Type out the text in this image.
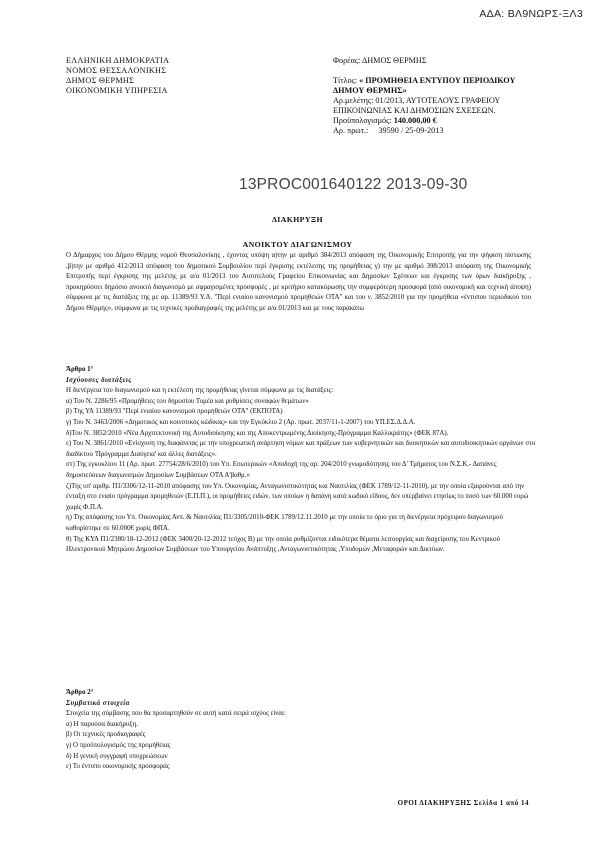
ΑΔΑ: ΒΛ9ΝΩΡΣ-ΞΛ3
ΕΛΛΗΝΙΚΗ ΔΗΜΟΚΡΑΤΙΑ
ΝΟΜΟΣ ΘΕΣΣΑΛΟΝΙΚΗΣ
ΔΗΜΟΣ ΘΕΡΜΗΣ
ΟΙΚΟΝΟΜΙΚΗ ΥΠΗΡΕΣΙΑ
Φορέας: ΔΗΜΟΣ ΘΕΡΜΗΣ
Τίτλος: « ΠΡΟΜΗΘΕΙΑ ΕΝΤΥΠΟΥ ΠΕΡΙΟΔΙΚΟΥ ΔΗΜΟΥ ΘΕΡΜΗΣ»
Αρ.μελέτης: 01/2013, ΑΥΤΟΤΕΛΟΥΣ ΓΡΑΦΕΙΟΥ ΕΠΙΚΟΙΝΩΝΙΑΣ ΚΑΙ ΔΗΜΟΣΙΩΝ ΣΧΕΣΕΩΝ.
Προϋπολογισμός: 140.000,00 €
Αρ. πρωτ.: 39590 / 25-09-2013
13PROC001640122 2013-09-30
ΔΙΑΚΗΡΥΞΗ
ΑΝΟΙΚΤΟΥ ΔΙΑΓΩΝΙΣΜΟΥ
Ο Δήμαρχος του Δήμου Θέρμης νομού Θεσσαλονίκης , έχοντας υπόψη α)την με αριθμό 384/2013 απόφαση της Οικονομικής Επιτροπής για την ψήφιση πίστωσης ,β)την με αριθμό 412/2013 απόφαση του δημοτικού Συμβουλίου περί έγκρισης εκτέλεσης της προμήθειας γ) την με αριθμό 398/2013 απόφαση της Οικονομικής Επιτροπής περί έγκρισης της μελέτης με α/α 01/2013 του Αυτοτελούς Γραφείου Επικοινωνίας και Δημοσίων Σχέσεων και έγκρισης των όρων διακήρυξης , προκηρύσσει δημόσιο ανοικτό διαγωνισμό με σφραγισμένες προσφορές , με κριτήριο κατακύρωσης την συμφερότερη προσφορά (από οικονομική και τεχνική άποψη) σύμφωνα με τις διατάξεις της με αρ. 11389/93 Υ.Α. "Περί ενιαίου κανονισμού προμηθειών ΟΤΑ" και του ν. 3852/2010 για την προμήθεια «έντυπου περιοδικού του Δήμου Θέρμης», σύμφωνα με τις τεχνικές προδιαγραφές της μελέτης με α/α 01/2013 και με τους παρακάτω

Άρθρο 1°

Ισχύουσες διατάξεις

Η διενέργεια του διαγωνισμού και η εκτέλεση της προμήθειας γίνεται σύμφωνα με τις διατάξεις:

α) Του Ν. 2286/95 «Προμήθειες του δημοσίου Τομέα και ρυθμίσεις συναφών θεμάτων»

β) Της ΥΑ 11389/93 "Περί ενιαίου κανονισμού προμηθειών ΟΤΑ" (ΕΚΠΟΤΑ)

γ) Του Ν. 3463/2006 «Δημοτικός και κοινοτικός κώδικας» και την Εγκύκλιο 2 (Αρ. πρωτ. 2037/11-1-2007) του ΥΠ.ΕΣ.Δ.Δ.Α.

δ)Του Ν. 3852/2010 «Νέα Αρχιτεκτονική της Αυτοδιοίκησης και της Αποκεντρωμένης Διοίκησης-Πρόγραμμα Καλλικράτης» (ΦΕΚ 87Α).

ε) Του Ν. 3861/2010 «Ενίσχυση της διαφάνειας με την υποχρεωτική ανάρτηση νόμων και πράξεων των κυβερνητικών και διοικητικών και αυτοδιοικητικών οργάνων στο διαδίκτυο 'Πρόγραμμα Διαύγεια' και άλλες διατάξεις».

στ) Της εγκυκλίου 11 (Αρ. πρωτ. 27754/28/6/2010) του Υπ. Εσωτερικών «Αποδοχή της αρ. 204/2010 γνωμοδότησης του Δ' Τμήματος του Ν.Σ.Κ.- Δαπάνες δημοσιεύσεων διαγωνισμών Δημοσίων Συμβάσεων ΟΤΑ Α'βαθμ.»

ζ)Της υπ' αριθμ. Π1/3306/12-11-2010 απόφασης του Υπ. Οικονομίας, Ανταγωνιστικότητας και Ναυτιλίας (ΦΕΚ 1789/12-11-2010), με την οποία εξαιρούνται από την ένταξη στο ενιαίο πρόγραμμα προμηθειών (Ε.Π.Π.), οι προμήθειες ειδών, των οποίων η δαπάνη κατά κωδικό είδους, δεν υπερβαίνει ετησίως το ποσό των 60.000 ευρώ χωρίς Φ.Π.Α.

η) Της απόφασης του Υπ. Οικονομίας Ανπ. & Ναυτιλίας Π1/3305/2010-ΦΕΚ 1789/12.11.2010 με την οποία το όριο για τη διενέργεια πρόχειρου διαγωνισμού καθορίστηκε σε 60.000€ χωρίς ΦΠΑ.

θ) Της ΚΥΑ Π1/2380/18-12-2012 (ΦΕΚ 3400/20-12-2012 τεύχος Β) με την οποία ρυθμίζονται ειδικότερα θέματα λειτουργίας και διαχείρισης του Κεντρικού Ηλεκτρονικού Μητρώου Δημοσίων Συμβάσεων του Υπουργείου Ανάπτυξης ,Ανταγωνιστικότητας ,Υποδομών ,Μεταφορών και Δικτύων.

Άρθρο 2°

Συμβατικά στοιχεία

Στοιχεία της σύμβασης που θα προσαρτηθούν σε αυτή κατά σειρά ισχύος είναι:

α) Η παρούσα διακήρυξη.

β) Οι τεχνικές προδιαγραφές

γ) Ο προϋπολογισμός της προμήθειας

δ) Η γενική συγγραφή υποχρεώσεων

ε) Το έντυπο οικονομικής προσφοράς

ΟΡΟΙ ΔΙΑΚΗΡΥΞΗΣ Σελίδα 1 από 14
